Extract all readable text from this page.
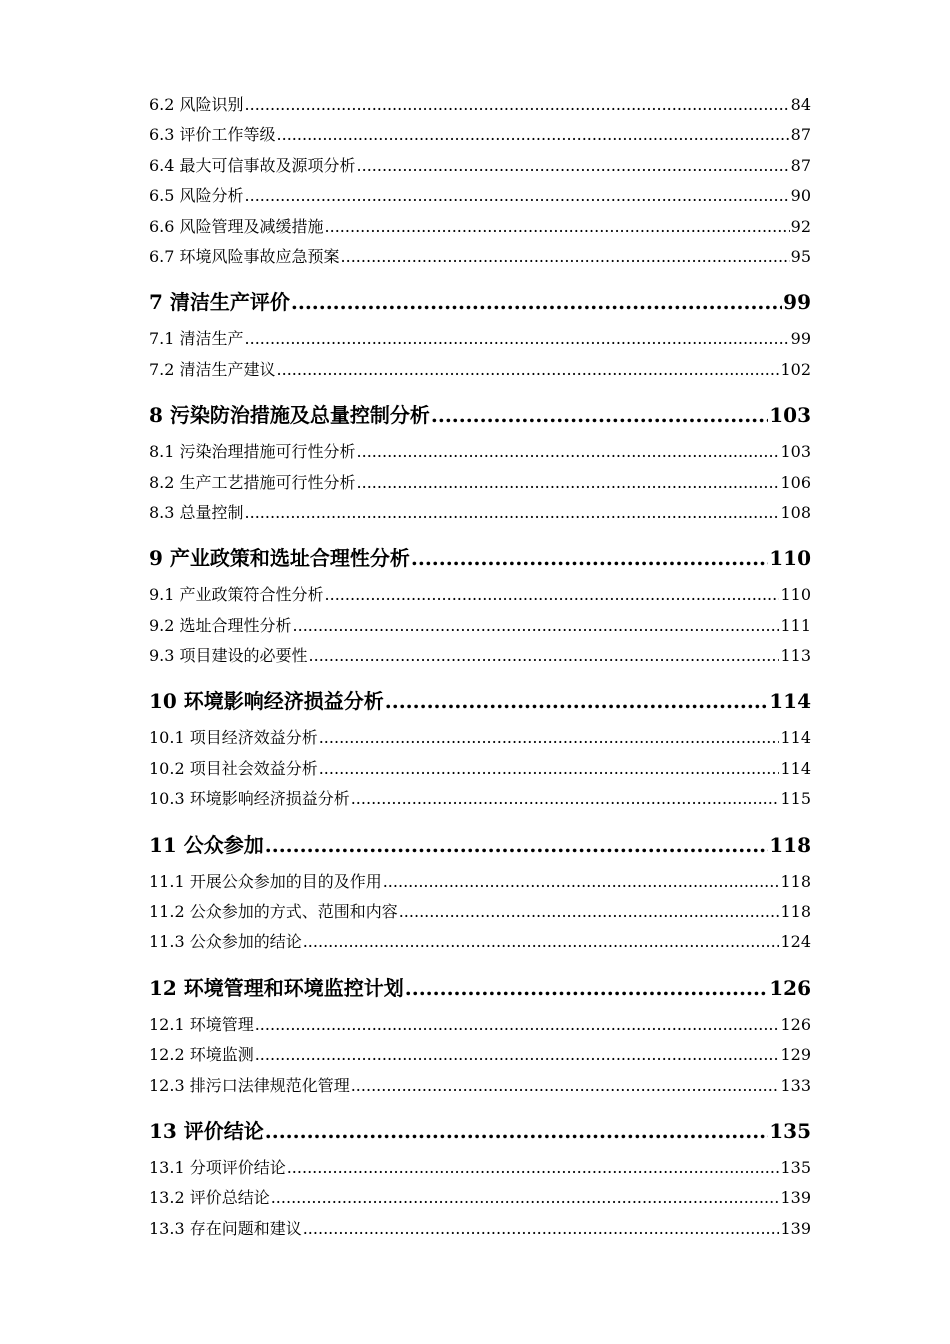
6.2 风险识别 .....	84
6.3 评价工作等级 .....	87
6.4 最大可信事故及源项分析 .....	87
6.5 风险分析 .....	90
6.6 风险管理及减缓措施 .....	92
6.7 环境风险事故应急预案 .....	95
7 清洁生产评价 .....	99
7.1 清洁生产 .....	99
7.2 清洁生产建议 .....	102
8 污染防治措施及总量控制分析 .....	103
8.1 污染治理措施可行性分析 .....	103
8.2 生产工艺措施可行性分析 .....	106
8.3 总量控制 .....	108
9 产业政策和选址合理性分析 .....	110
9.1 产业政策符合性分析 .....	110
9.2 选址合理性分析 .....	111
9.3 项目建设的必要性 .....	113
10 环境影响经济损益分析 .....	114
10.1 项目经济效益分析 .....	114
10.2 项目社会效益分析 .....	114
10.3 环境影响经济损益分析 .....	115
11 公众参加 .....	118
11.1 开展公众参加的目的及作用 .....	118
11.2 公众参加的方式、范围和内容 .....	118
11.3 公众参加的结论 .....	124
12 环境管理和环境监控计划 .....	126
12.1 环境管理 .....	126
12.2 环境监测 .....	129
12.3 排污口法律规范化管理 .....	133
13 评价结论 .....	135
13.1 分项评价结论 .....	135
13.2 评价总结论 .....	139
13.3 存在问题和建议 .....	139
